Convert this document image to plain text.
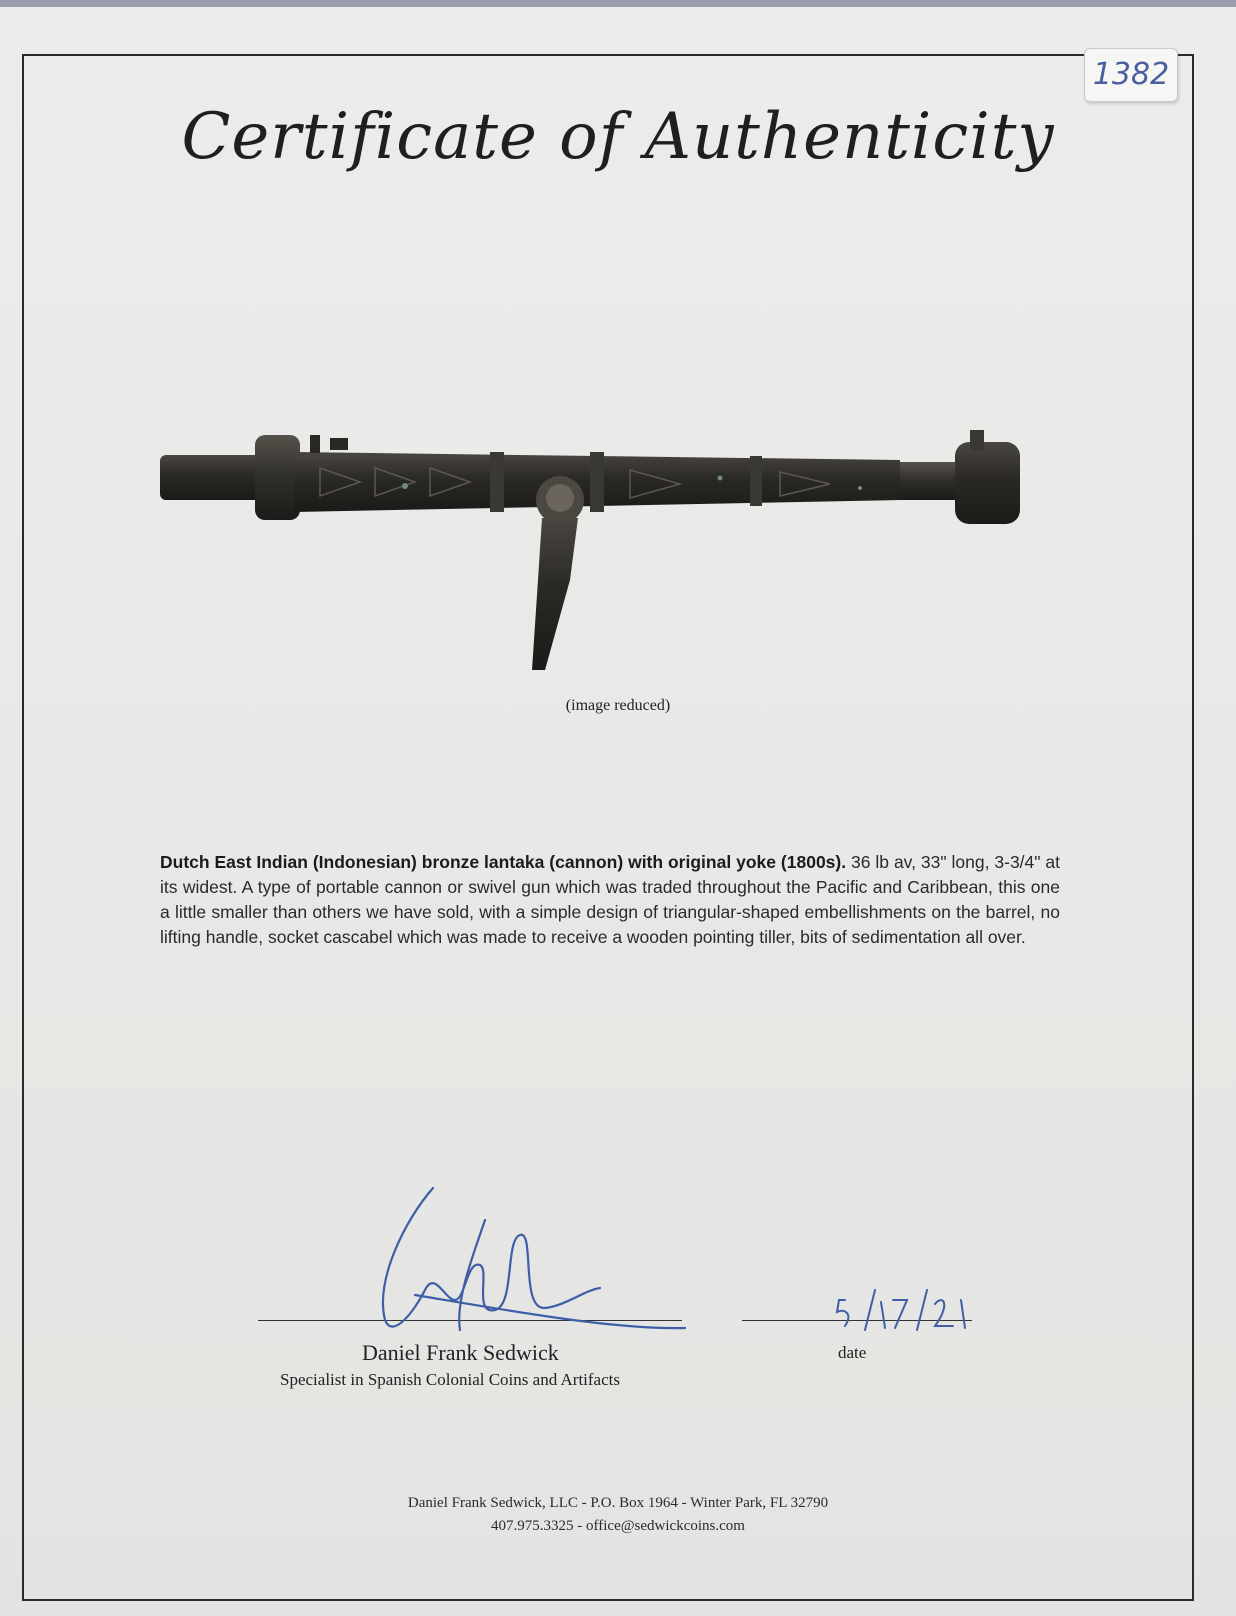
1382
Certificate of Authenticity
(image reduced)

Dutch East Indian (Indonesian) bronze lantaka (cannon) with original yoke (1800s). 36 lb av, 33" long, 3-3/4" at its widest. A type of portable cannon or swivel gun which was traded throughout the Pacific and Caribbean, this one a little smaller than others we have sold, with a simple design of triangular-shaped embellishments on the barrel, no lifting handle, socket cascabel which was made to receive a wooden pointing tiller, bits of sedimentation all over.

Daniel Frank Sedwick
Specialist in Spanish Colonial Coins and Artifacts
date
Daniel Frank Sedwick, LLC - P.O. Box 1964 - Winter Park, FL 32790
407.975.3325 - office@sedwickcoins.com
